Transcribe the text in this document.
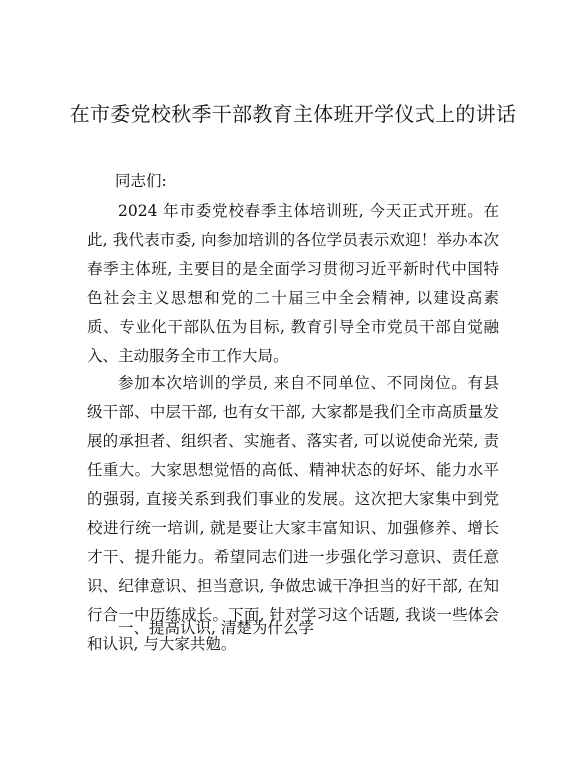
在市委党校秋季干部教育主体班开学仪式上的讲话
同志们:
2024 年市委党校春季主体培训班, 今天正式开班。在此, 我代表市委, 向参加培训的各位学员表示欢迎！举办本次春季主体班, 主要目的是全面学习贯彻习近平新时代中国特色社会主义思想和党的二十届三中全会精神, 以建设高素质、专业化干部队伍为目标, 教育引导全市党员干部自觉融入、主动服务全市工作大局。
参加本次培训的学员, 来自不同单位、不同岗位。有县级干部、中层干部, 也有女干部, 大家都是我们全市高质量发展的承担者、组织者、实施者、落实者, 可以说使命光荣, 责任重大。大家思想觉悟的高低、精神状态的好坏、能力水平的强弱, 直接关系到我们事业的发展。这次把大家集中到党校进行统一培训, 就是要让大家丰富知识、加强修养、增长才干、提升能力。希望同志们进一步强化学习意识、责任意识、纪律意识、担当意识, 争做忠诚干净担当的好干部, 在知行合一中历练成长。下面, 针对学习这个话题, 我谈一些体会和认识, 与大家共勉。
一、提高认识, 清楚为什么学
